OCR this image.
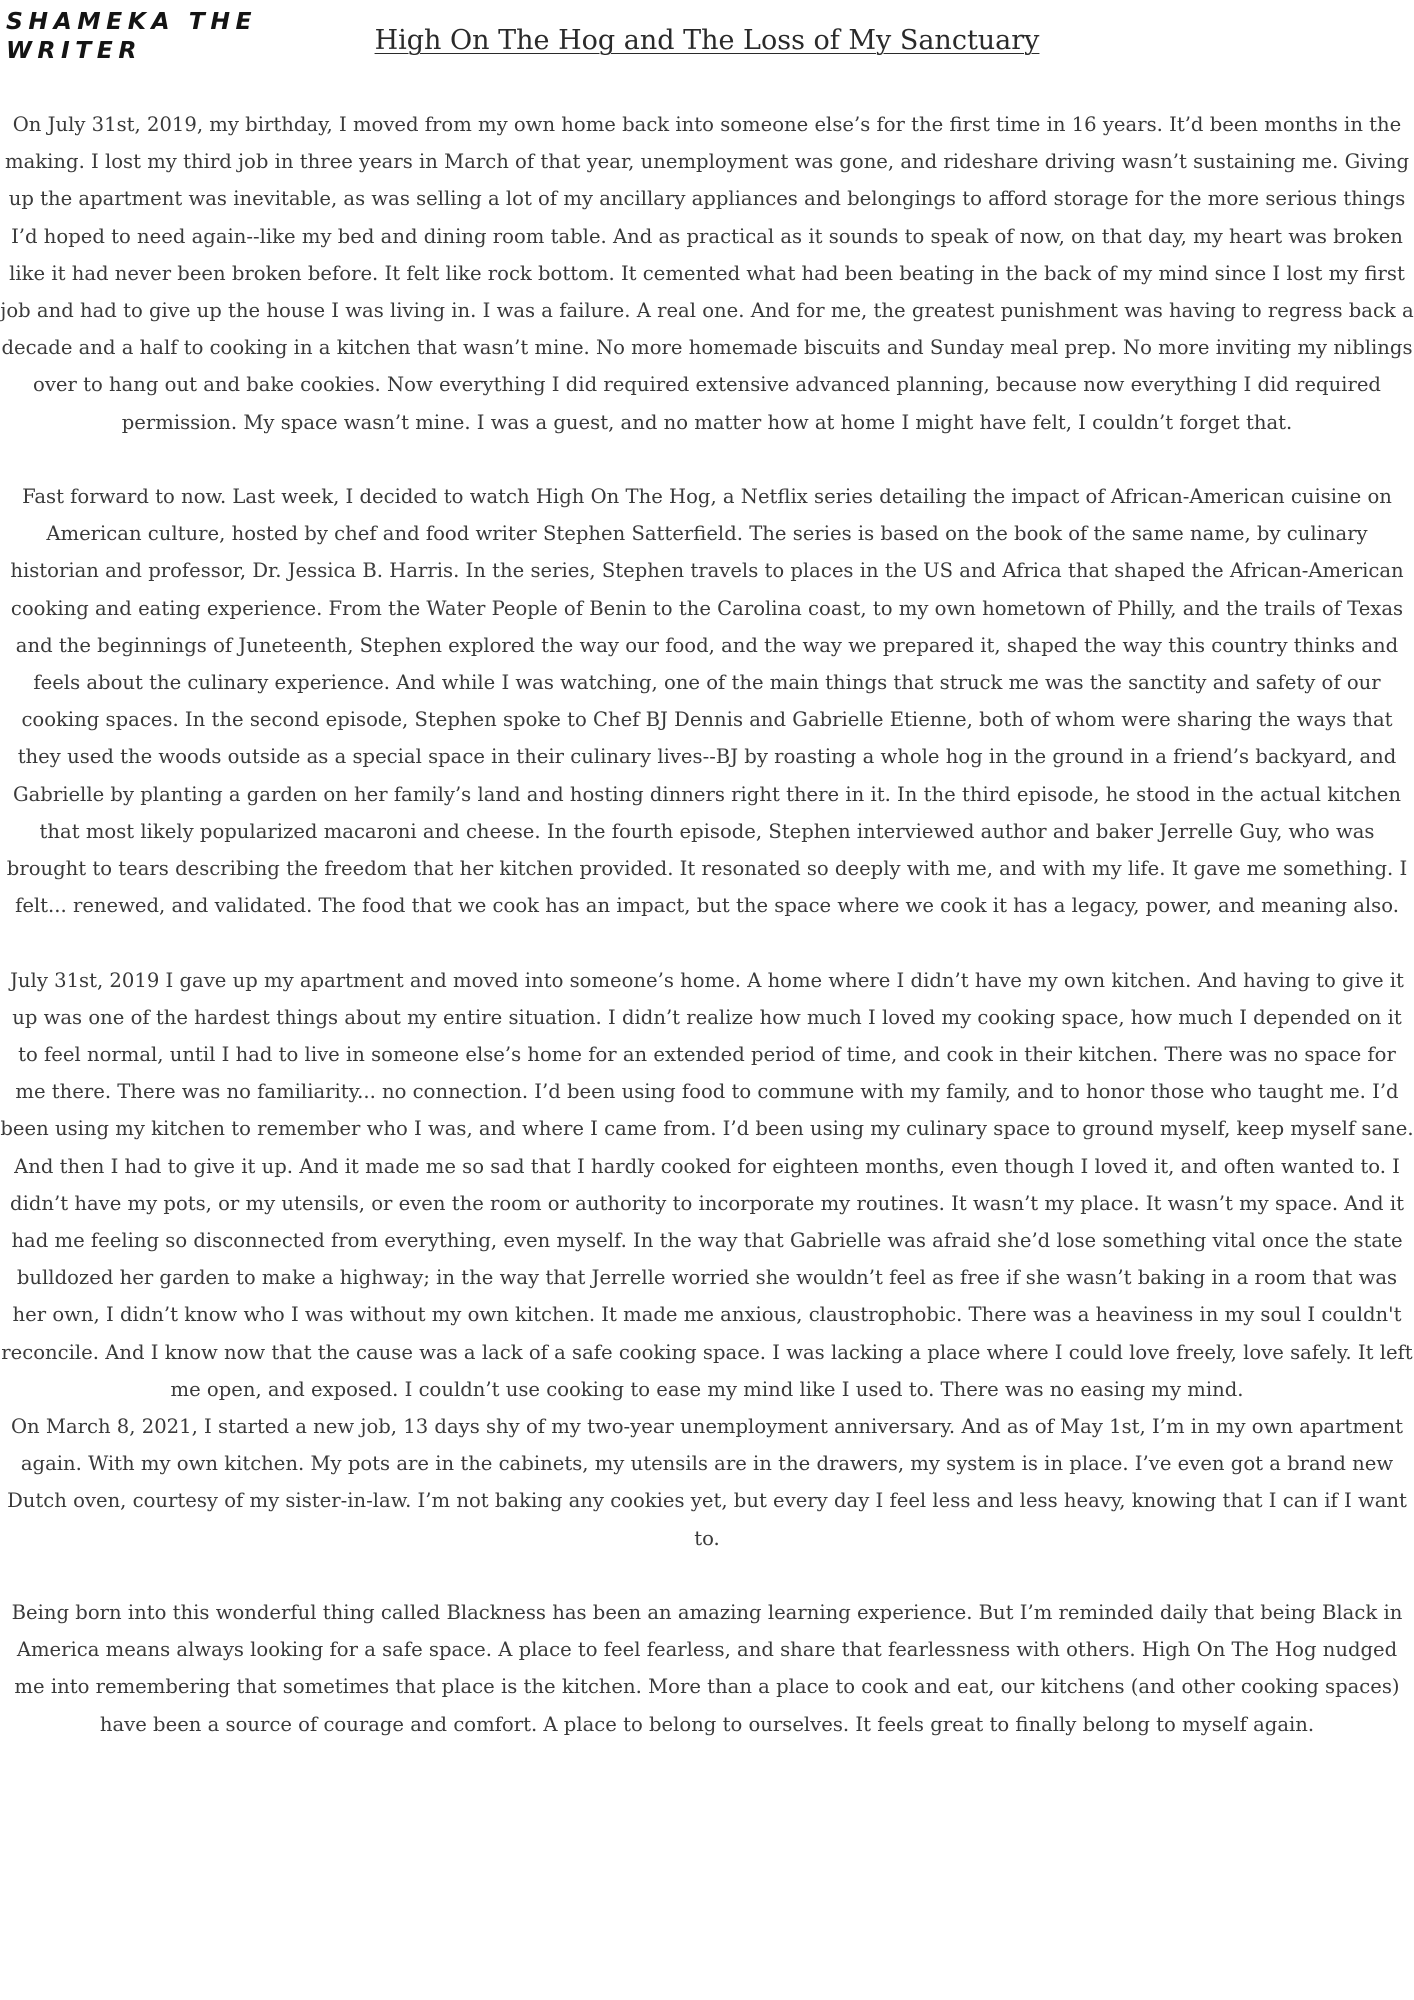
SHAMEKA THE
WRITER	High On The Hog and The Loss of My Sanctuary

On July 31st, 2019, my birthday, I moved from my own home back into someone else’s for the first time in 16 years. It’d been months in the making. I lost my third job in three years in March of that year, unemployment was gone, and rideshare driving wasn’t sustaining me. Giving up the apartment was inevitable, as was selling a lot of my ancillary appliances and belongings to afford storage for the more serious things I’d hoped to need again--like my bed and dining room table. And as practical as it sounds to speak of now, on that day, my heart was broken like it had never been broken before. It felt like rock bottom. It cemented what had been beating in the back of my mind since I lost my first job and had to give up the house I was living in. I was a failure. A real one. And for me, the greatest punishment was having to regress back a decade and a half to cooking in a kitchen that wasn’t mine. No more homemade biscuits and Sunday meal prep. No more inviting my niblings over to hang out and bake cookies. Now everything I did required extensive advanced planning, because now everything I did required permission. My space wasn’t mine. I was a guest, and no matter how at home I might have felt, I couldn’t forget that.

Fast forward to now. Last week, I decided to watch High On The Hog, a Netflix series detailing the impact of African-American cuisine on American culture, hosted by chef and food writer Stephen Satterfield. The series is based on the book of the same name, by culinary historian and professor, Dr. Jessica B. Harris. In the series, Stephen travels to places in the US and Africa that shaped the African-American cooking and eating experience. From the Water People of Benin to the Carolina coast, to my own hometown of Philly, and the trails of Texas and the beginnings of Juneteenth, Stephen explored the way our food, and the way we prepared it, shaped the way this country thinks and feels about the culinary experience. And while I was watching, one of the main things that struck me was the sanctity and safety of our cooking spaces. In the second episode, Stephen spoke to Chef BJ Dennis and Gabrielle Etienne, both of whom were sharing the ways that they used the woods outside as a special space in their culinary lives--BJ by roasting a whole hog in the ground in a friend’s backyard, and Gabrielle by planting a garden on her family’s land and hosting dinners right there in it. In the third episode, he stood in the actual kitchen that most likely popularized macaroni and cheese. In the fourth episode, Stephen interviewed author and baker Jerrelle Guy, who was brought to tears describing the freedom that her kitchen provided. It resonated so deeply with me, and with my life. It gave me something. I felt... renewed, and validated. The food that we cook has an impact, but the space where we cook it has a legacy, power, and meaning also.

July 31st, 2019 I gave up my apartment and moved into someone’s home. A home where I didn’t have my own kitchen. And having to give it up was one of the hardest things about my entire situation. I didn’t realize how much I loved my cooking space, how much I depended on it to feel normal, until I had to live in someone else’s home for an extended period of time, and cook in their kitchen. There was no space for me there. There was no familiarity... no connection. I’d been using food to commune with my family, and to honor those who taught me. I’d been using my kitchen to remember who I was, and where I came from. I’d been using my culinary space to ground myself, keep myself sane. And then I had to give it up. And it made me so sad that I hardly cooked for eighteen months, even though I loved it, and often wanted to. I didn’t have my pots, or my utensils, or even the room or authority to incorporate my routines. It wasn’t my place. It wasn’t my space. And it had me feeling so disconnected from everything, even myself. In the way that Gabrielle was afraid she’d lose something vital once the state bulldozed her garden to make a highway; in the way that Jerrelle worried she wouldn’t feel as free if she wasn’t baking in a room that was her own, I didn’t know who I was without my own kitchen. It made me anxious, claustrophobic. There was a heaviness in my soul I couldn't reconcile. And I know now that the cause was a lack of a safe cooking space. I was lacking a place where I could love freely, love safely. It left me open, and exposed. I couldn’t use cooking to ease my mind like I used to. There was no easing my mind.

On March 8, 2021, I started a new job, 13 days shy of my two-year unemployment anniversary. And as of May 1st, I’m in my own apartment again. With my own kitchen. My pots are in the cabinets, my utensils are in the drawers, my system is in place. I’ve even got a brand new Dutch oven, courtesy of my sister-in-law. I’m not baking any cookies yet, but every day I feel less and less heavy, knowing that I can if I want to.

Being born into this wonderful thing called Blackness has been an amazing learning experience. But I’m reminded daily that being Black in America means always looking for a safe space. A place to feel fearless, and share that fearlessness with others. High On The Hog nudged me into remembering that sometimes that place is the kitchen. More than a place to cook and eat, our kitchens (and other cooking spaces) have been a source of courage and comfort. A place to belong to ourselves. It feels great to finally belong to myself again.
